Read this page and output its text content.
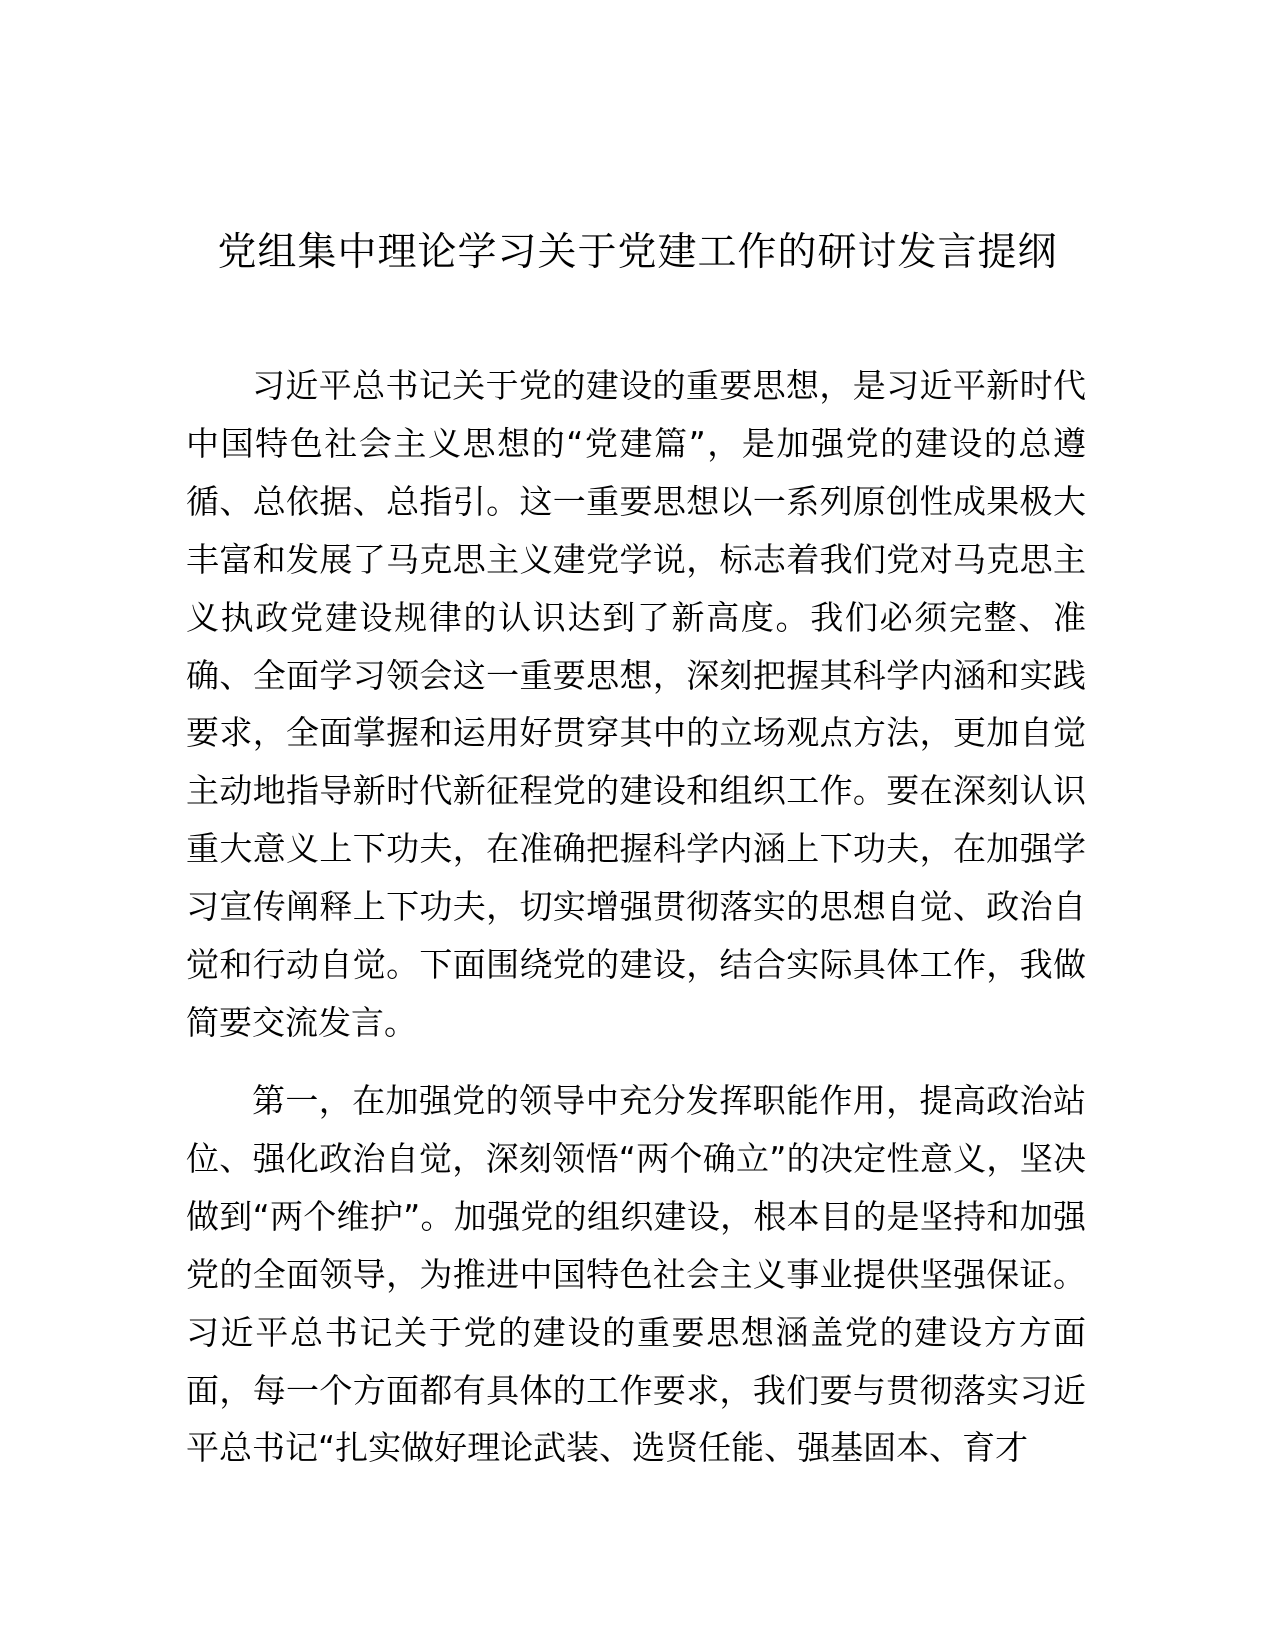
党组集中理论学习关于党建工作的研讨发言提纲

习近平总书记关于党的建设的重要思想，是习近平新时代中国特色社会主义思想的“党建篇”，是加强党的建设的总遵循、总依据、总指引。这一重要思想以一系列原创性成果极大丰富和发展了马克思主义建党学说，标志着我们党对马克思主义执政党建设规律的认识达到了新高度。我们必须完整、准确、全面学习领会这一重要思想，深刻把握其科学内涵和实践要求，全面掌握和运用好贯穿其中的立场观点方法，更加自觉主动地指导新时代新征程党的建设和组织工作。要在深刻认识重大意义上下功夫，在准确把握科学内涵上下功夫，在加强学习宣传阐释上下功夫，切实增强贯彻落实的思想自觉、政治自觉和行动自觉。下面围绕党的建设，结合实际具体工作，我做简要交流发言。

第一，在加强党的领导中充分发挥职能作用，提高政治站位、强化政治自觉，深刻领悟“两个确立”的决定性意义，坚决做到“两个维护”。加强党的组织建设，根本目的是坚持和加强党的全面领导，为推进中国特色社会主义事业提供坚强保证。习近平总书记关于党的建设的重要思想涵盖党的建设方方面面，每一个方面都有具体的工作要求，我们要与贯彻落实习近平总书记“扎实做好理论武装、选贤任能、强基固本、育才
